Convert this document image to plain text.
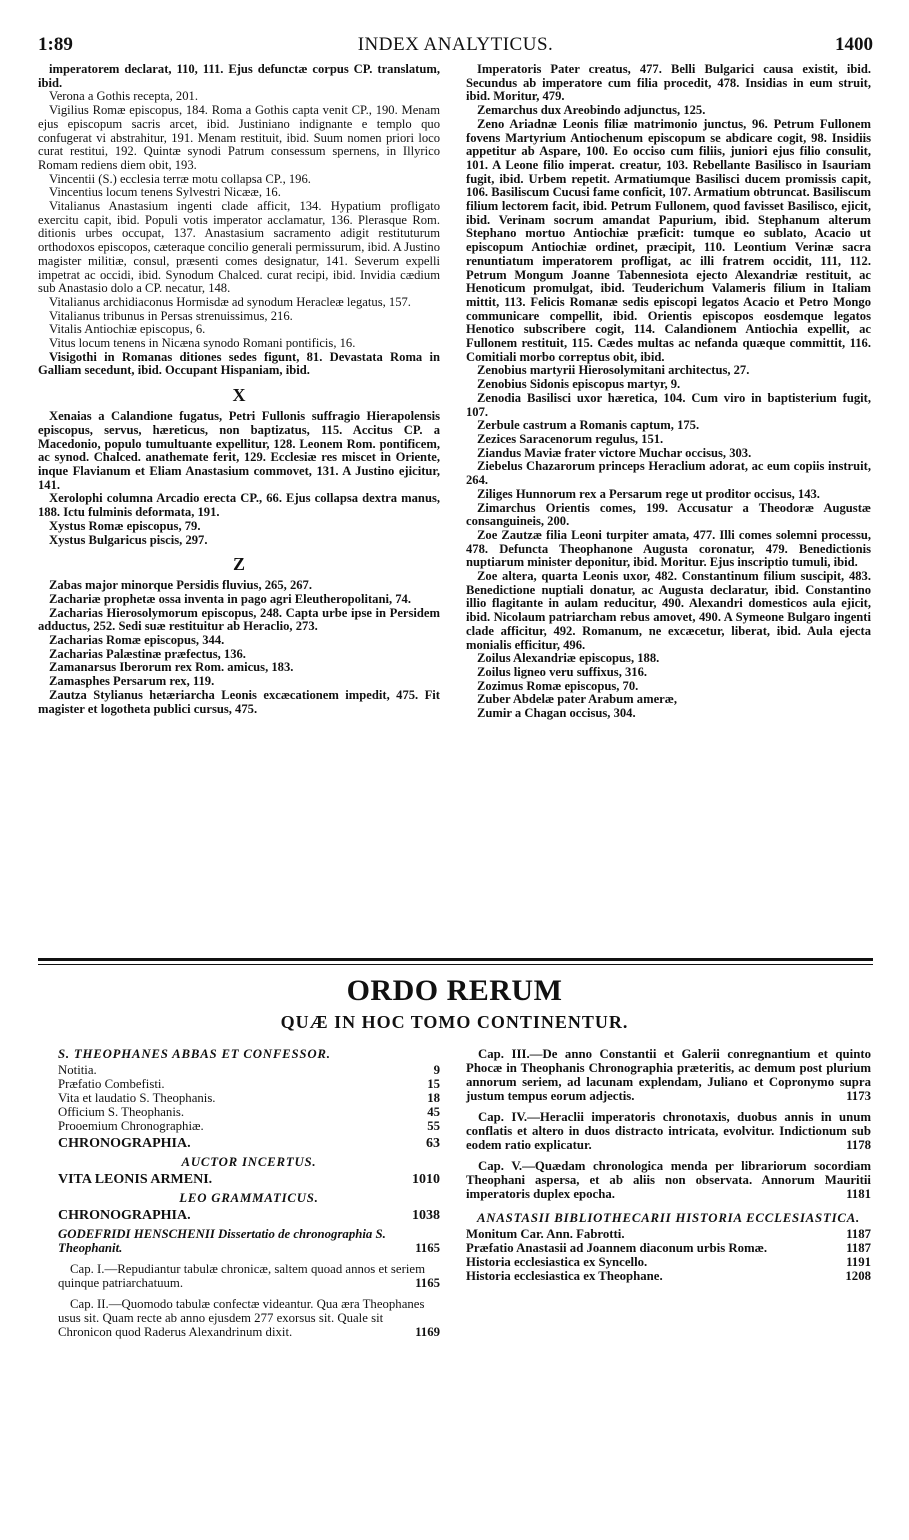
1:89	INDEX ANALYTICUS.	1400

imperatorem declarat, 110, 111. Ejus defunctæ corpus CP. translatum, ibid.

Verona a Gothis recepta, 201.

Vigilius Romæ episcopus, 184. Roma a Gothis capta venit CP., 190. Menam ejus episcopum sacris arcet, ibid. Justiniano indignante e templo quo confugerat vi abstrahitur, 191. Menam restituit, ibid. Suum nomen priori loco curat restitui, 192. Quintæ synodi Patrum consessum spernens, in Illyrico Romam rediens diem obit, 193.

Vincentii (S.) ecclesia terræ motu collapsa CP., 196.

Vincentius locum tenens Sylvestri Nicææ, 16.

Vitalianus Anastasium ingenti clade afficit, 134. Hypatium profligato exercitu capit, ibid. Populi votis imperator acclamatur, 136. Plerasque Rom. ditionis urbes occupat, 137. Anastasium sacramento adigit restituturum orthodoxos episcopos, cæteraque concilio generali permissurum, ibid. A Justino magister militiæ, consul, præsenti comes designatur, 141. Severum expelli impetrat ac occidi, ibid. Synodum Chalced. curat recipi, ibid. Invidia cædium sub Anastasio dolo a CP. necatur, 148.

Vitalianus archidiaconus Hormisdæ ad synodum Heracleæ legatus, 157.

Vitalianus tribunus in Persas strenuissimus, 216.

Vitalis Antiochiæ episcopus, 6.

Vitus locum tenens in Nicæna synodo Romani pontificis, 16.

Visigothi in Romanas ditiones sedes figunt, 81. Devastata Roma in Galliam secedunt, ibid. Occupant Hispaniam, ibid.

X

Xenaias a Calandione fugatus, Petri Fullonis suffragio Hierapolensis episcopus, servus, hæreticus, non baptizatus, 115. Accitus CP. a Macedonio, populo tumultuante expellitur, 128. Leonem Rom. pontificem, ac synod. Chalced. anathemate ferit, 129. Ecclesiæ res miscet in Oriente, inque Flavianum et Eliam Anastasium commovet, 131. A Justino ejicitur, 141.

Xerolophi columna Arcadio erecta CP., 66. Ejus collapsa dextra manus, 188. Ictu fulminis deformata, 191.

Xystus Romæ episcopus, 79.

Xystus Bulgaricus piscis, 297.

Z

Zabas major minorque Persidis fluvius, 265, 267.

Zachariæ prophetæ ossa inventa in pago agri Eleutheropolitani, 74.

Zacharias Hierosolymorum episcopus, 248. Capta urbe ipse in Persidem adductus, 252. Sedi suæ restituitur ab Heraclio, 273.

Zacharias Romæ episcopus, 344.

Zacharias Palæstinæ præfectus, 136.

Zamanarsus Iberorum rex Rom. amicus, 183.

Zamasphes Persarum rex, 119.

Zautza Stylianus hetæriarcha Leonis excæcationem impedit, 475. Fit magister et logotheta publici cursus, 475.

Imperatoris Pater creatus, 477. Belli Bulgarici causa existit, ibid. Secundus ab imperatore cum filia procedit, 478. Insidias in eum struit, ibid. Moritur, 479.

Zemarchus dux Areobindo adjunctus, 125.

Zeno Ariadnæ Leonis filiæ matrimonio junctus, 96. Petrum Fullonem fovens Martyrium Antiochenum episcopum se abdicare cogit, 98. Insidiis appetitur ab Aspare, 100. Eo occiso cum filiis, juniori ejus filio consulit, 101. A Leone filio imperat. creatur, 103. Rebellante Basilisco in Isauriam fugit, ibid. Urbem repetit. Armatiumque Basilisci ducem promissis capit, 106. Basiliscum Cucusi fame conficit, 107. Armatium obtruncat. Basiliscum filium lectorem facit, ibid. Petrum Fullonem, quod favisset Basilisco, ejicit, ibid. Verinam socrum amandat Papurium, ibid. Stephanum alterum Stephano mortuo Antiochiæ præficit: tumque eo sublato, Acacio ut episcopum Antiochiæ ordinet, præcipit, 110. Leontium Verinæ sacra renuntiatum imperatorem profligat, ac illi fratrem occidit, 111, 112. Petrum Mongum Joanne Tabennesiota ejecto Alexandriæ restituit, ac Henoticum promulgat, ibid. Teuderichum Valameris filium in Italiam mittit, 113. Felicis Romanæ sedis episcopi legatos Acacio et Petro Mongo communicare compellit, ibid. Orientis episcopos eosdemque legatos Henotico subscribere cogit, 114. Calandionem Antiochia expellit, ac Fullonem restituit, 115. Cædes multas ac nefanda quæque committit, 116. Comitiali morbo correptus obit, ibid.

Zenobius martyrii Hierosolymitani architectus, 27.

Zenobius Sidonis episcopus martyr, 9.

Zenodia Basilisci uxor hæretica, 104. Cum viro in baptisterium fugit, 107.

Zerbule castrum a Romanis captum, 175.

Zezices Saracenorum regulus, 151.

Ziandus Maviæ frater victore Muchar occisus, 303.

Ziebelus Chazarorum princeps Heraclium adorat, ac eum copiis instruit, 264.

Ziliges Hunnorum rex a Persarum rege ut proditor occisus, 143.

Zimarchus Orientis comes, 199. Accusatur a Theodoræ Augustæ consanguineis, 200.

Zoe Zautzæ filia Leoni turpiter amata, 477. Illi comes solemni processu, 478. Defuncta Theophanone Augusta coronatur, 479. Benedictionis nuptiarum minister deponitur, ibid. Moritur. Ejus inscriptio tumuli, ibid.

Zoe altera, quarta Leonis uxor, 482. Constantinum filium suscipit, 483. Benedictione nuptiali donatur, ac Augusta declaratur, ibid. Constantino illio flagitante in aulam reducitur, 490. Alexandri domesticos aula ejicit, ibid. Nicolaum patriarcham rebus amovet, 490. A Symeone Bulgaro ingenti clade afficitur, 492. Romanum, ne excæcetur, liberat, ibid. Aula ejecta monialis efficitur, 496.

Zoilus Alexandriæ episcopus, 188.

Zoilus ligneo veru suffixus, 316.

Zozimus Romæ episcopus, 70.

Zuber Abdelæ pater Arabum ameræ,

Zumir a Chagan occisus, 304.

ORDO RERUM
QUÆ IN HOC TOMO CONTINENTUR.
S. THEOPHANES ABBAS ET CONFESSOR.
Notitia.	9
Præfatio Combefisti.	15
Vita et laudatio S. Theophanis.	18
Officium S. Theophanis.	45
Prooemium Chronographiæ.	55
CHRONOGRAPHIA.	63
AUCTOR INCERTUS.
VITA LEONIS ARMENI.	1010
LEO GRAMMATICUS.
CHRONOGRAPHIA.	1038
GODEFRIDI HENSCHENII Dissertatio de chronographia S. Theophanit.	1165
Cap. I.—Repudiantur tabulæ chronicæ, saltem quoad annos et seriem quinque patriarchatuum.	1165
Cap. II.—Quomodo tabulæ confectæ videantur. Qua æra Theophanes usus sit. Quam recte ab anno ejusdem 277 exorsus sit. Quale sit Chronicon quod Raderus Alexandrinum dixit.	1169
Cap. III.—De anno Constantii et Galerii conregnantium et quinto Phocæ in Theophanis Chronographia præteritis, ac demum post plurium annorum seriem, ad lacunam explendam, Juliano et Copronymo supra justum tempus eorum adjectis.	1173
Cap. IV.—Heraclii imperatoris chronotaxis, duobus annis in unum conflatis et altero in duos distracto intricata, evolvitur. Indictionum sub eodem ratio explicatur.	1178
Cap. V.—Quædam chronologica menda per librariorum socordiam Theophani aspersa, et ab aliis non observata. Annorum Mauritii imperatoris duplex epocha.	1181
ANASTASII BIBLIOTHECARII HISTORIA ECCLESIASTICA.
Monitum Car. Ann. Fabrotti.	1187
Præfatio Anastasii ad Joannem diaconum urbis Romæ.	1187
Historia ecclesiastica ex Syncello.	1191
Historia ecclesiastica ex Theophane.	1208
